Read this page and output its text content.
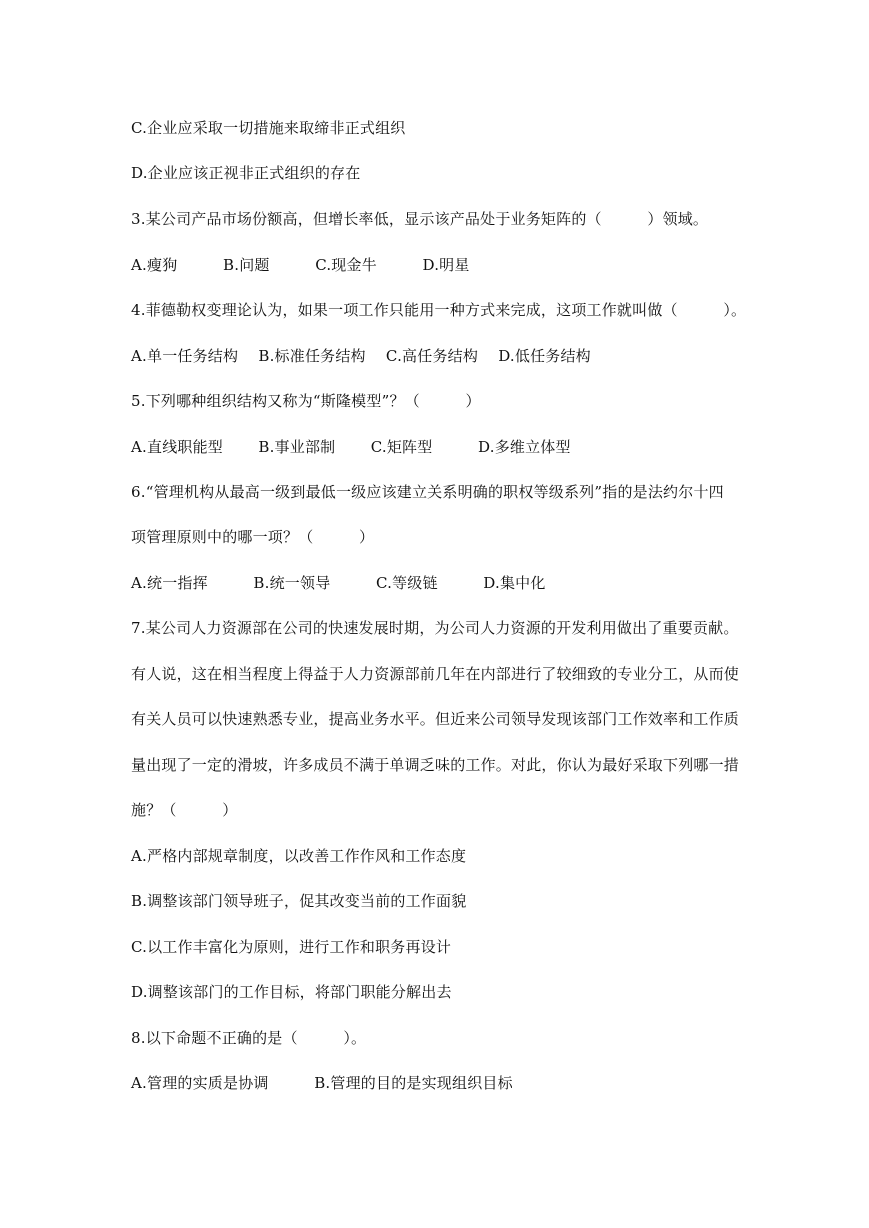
C.企业应采取一切措施来取缔非正式组织
D.企业应该正视非正式组织的存在
3.某公司产品市场份额高，但增长率低，显示该产品处于业务矩阵的（　　　）领域。
A.瘦狗　　　B.问题　　　C.现金牛　　　D.明星
4.菲德勒权变理论认为，如果一项工作只能用一种方式来完成，这项工作就叫做（　　　）。
A.单一任务结构　 B.标准任务结构　 C.高任务结构　 D.低任务结构
5.下列哪种组织结构又称为“斯隆模型”？（　　　）
A.直线职能型　　 B.事业部制　　 C.矩阵型　　　D.多维立体型
6.“管理机构从最高一级到最低一级应该建立关系明确的职权等级系列”指的是法约尔十四
项管理原则中的哪一项？（　　　）
A.统一指挥　　　B.统一领导　　　C.等级链　　　D.集中化
7.某公司人力资源部在公司的快速发展时期，为公司人力资源的开发利用做出了重要贡献。
有人说，这在相当程度上得益于人力资源部前几年在内部进行了较细致的专业分工，从而使
有关人员可以快速熟悉专业，提高业务水平。但近来公司领导发现该部门工作效率和工作质
量出现了一定的滑坡，许多成员不满于单调乏味的工作。对此，你认为最好采取下列哪一措
施？（　　　）
A.严格内部规章制度，以改善工作作风和工作态度
B.调整该部门领导班子，促其改变当前的工作面貌
C.以工作丰富化为原则，进行工作和职务再设计
D.调整该部门的工作目标，将部门职能分解出去
8.以下命题不正确的是（　　　）。
A.管理的实质是协调　　　B.管理的目的是实现组织目标
